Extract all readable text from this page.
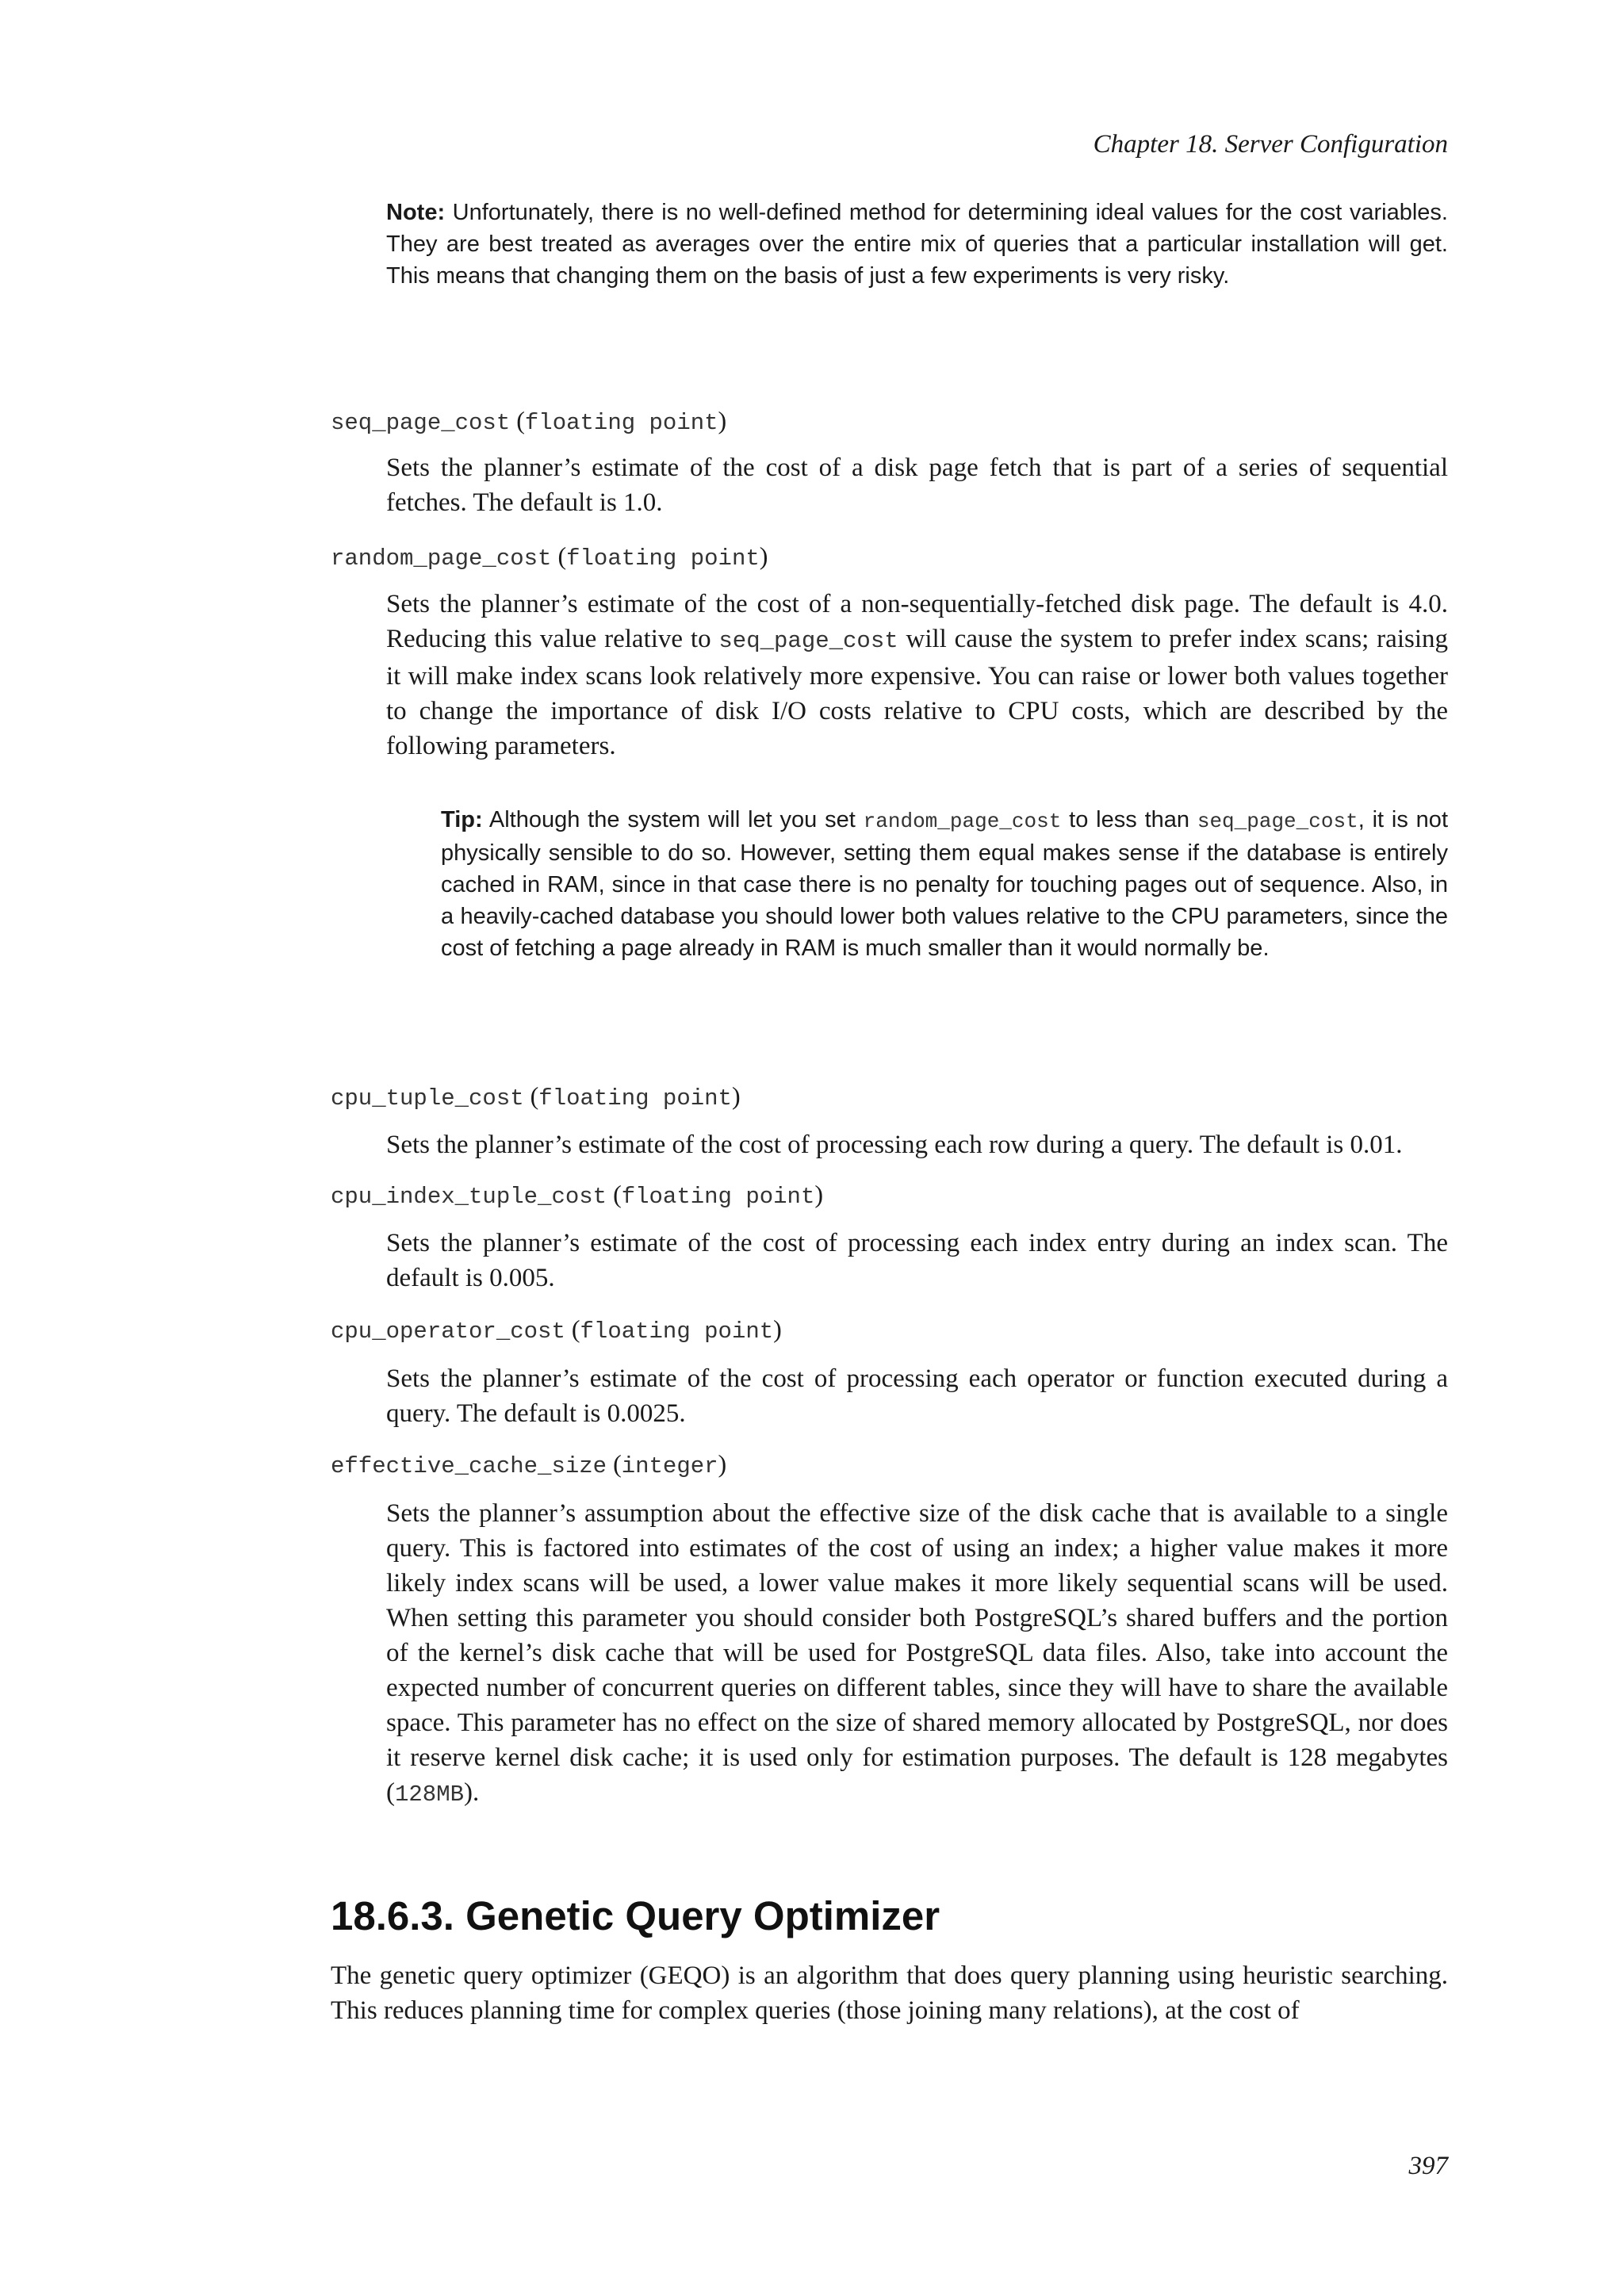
Chapter 18. Server Configuration
Note: Unfortunately, there is no well-defined method for determining ideal values for the cost variables. They are best treated as averages over the entire mix of queries that a particular installation will get. This means that changing them on the basis of just a few experiments is very risky.
seq_page_cost (floating point)
Sets the planner’s estimate of the cost of a disk page fetch that is part of a series of sequential fetches. The default is 1.0.
random_page_cost (floating point)
Sets the planner’s estimate of the cost of a non-sequentially-fetched disk page. The default is 4.0. Reducing this value relative to seq_page_cost will cause the system to prefer index scans; raising it will make index scans look relatively more expensive. You can raise or lower both values together to change the importance of disk I/O costs relative to CPU costs, which are described by the following parameters.
Tip: Although the system will let you set random_page_cost to less than seq_page_cost, it is not physically sensible to do so. However, setting them equal makes sense if the database is entirely cached in RAM, since in that case there is no penalty for touching pages out of sequence. Also, in a heavily-cached database you should lower both values relative to the CPU parameters, since the cost of fetching a page already in RAM is much smaller than it would normally be.
cpu_tuple_cost (floating point)
Sets the planner’s estimate of the cost of processing each row during a query. The default is 0.01.
cpu_index_tuple_cost (floating point)
Sets the planner’s estimate of the cost of processing each index entry during an index scan. The default is 0.005.
cpu_operator_cost (floating point)
Sets the planner’s estimate of the cost of processing each operator or function executed during a query. The default is 0.0025.
effective_cache_size (integer)
Sets the planner’s assumption about the effective size of the disk cache that is available to a single query. This is factored into estimates of the cost of using an index; a higher value makes it more likely index scans will be used, a lower value makes it more likely sequential scans will be used. When setting this parameter you should consider both PostgreSQL’s shared buffers and the portion of the kernel’s disk cache that will be used for PostgreSQL data files. Also, take into account the expected number of concurrent queries on different tables, since they will have to share the available space. This parameter has no effect on the size of shared memory allocated by PostgreSQL, nor does it reserve kernel disk cache; it is used only for estimation purposes. The default is 128 megabytes (128MB).
18.6.3. Genetic Query Optimizer
The genetic query optimizer (GEQO) is an algorithm that does query planning using heuristic searching. This reduces planning time for complex queries (those joining many relations), at the cost of
397
